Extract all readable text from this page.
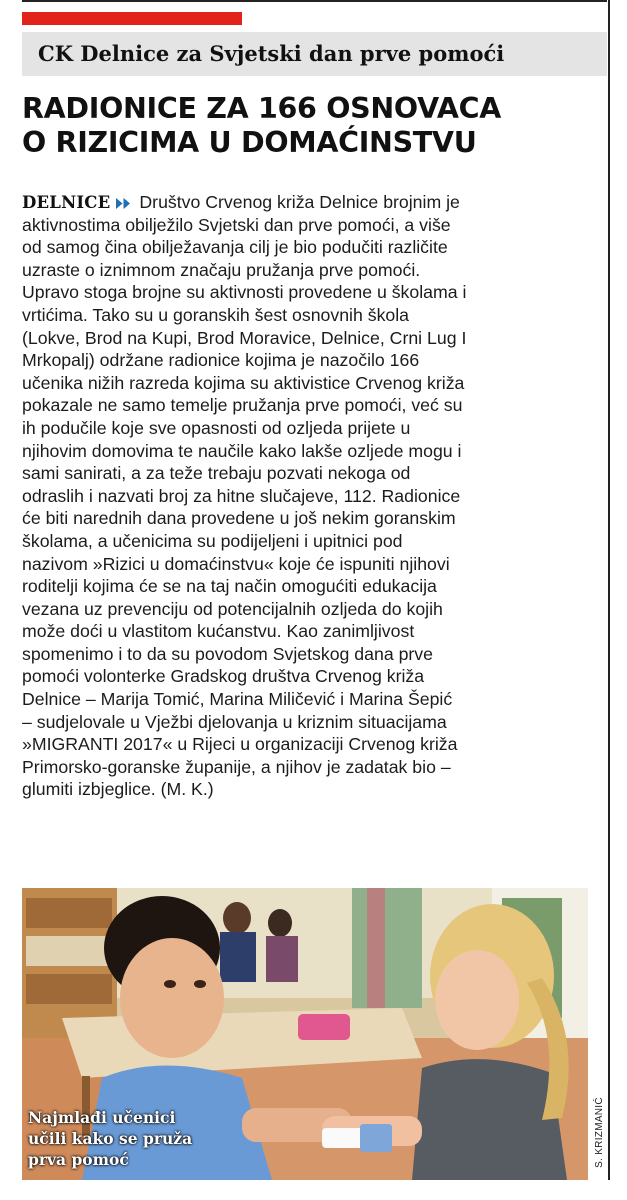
CK Delnice za Svjetski dan prve pomoći
RADIONICE ZA 166 OSNOVACA
O RIZICIMA U DOMAĆINSTVU
DELNICE Društvo Crvenog križa Delnice brojnim je
aktivnostima obilježilo Svjetski dan prve pomoći, a više
od samog čina obilježavanja cilj je bio podučiti različite
uzraste o iznimnom značaju pružanja prve pomoći.
Upravo stoga brojne su aktivnosti provedene u školama i
vrtićima. Tako su u goranskih šest osnovnih škola
(Lokve, Brod na Kupi, Brod Moravice, Delnice, Crni Lug I
Mrkopalj) održane radionice kojima je nazočilo 166
učenika nižih razreda kojima su aktivistice Crvenog križa
pokazale ne samo temelje pružanja prve pomoći, već su
ih podučile koje sve opasnosti od ozljeda prijete u
njihovim domovima te naučile kako lakše ozljede mogu i
sami sanirati, a za teže trebaju pozvati nekoga od
odraslih i nazvati broj za hitne slučajeve, 112. Radionice
će biti narednih dana provedene u još nekim goranskim
školama, a učenicima su podijeljeni i upitnici pod
nazivom »Rizici u domaćinstvu« koje će ispuniti njihovi
roditelji kojima će se na taj način omogućiti edukacija
vezana uz prevenciju od potencijalnih ozljeda do kojih
može doći u vlastitom kućanstvu. Kao zanimljivost
spomenimo i to da su povodom Svjetskog dana prve
pomoći volonterke Gradskog društva Crvenog križa
Delnice – Marija Tomić, Marina Miličević i Marina Šepić
– sudjelovale u Vježbi djelovanja u kriznim situacijama
»MIGRANTI 2017« u Rijeci u organizaciji Crvenog križa
Primorsko-goranske županije, a njihov je zadatak bio –
glumiti izbjeglice. (M. K.)
Najmlađi učenici
učili kako se pruža
prva pomoć	S. KRIZMANIĆ
